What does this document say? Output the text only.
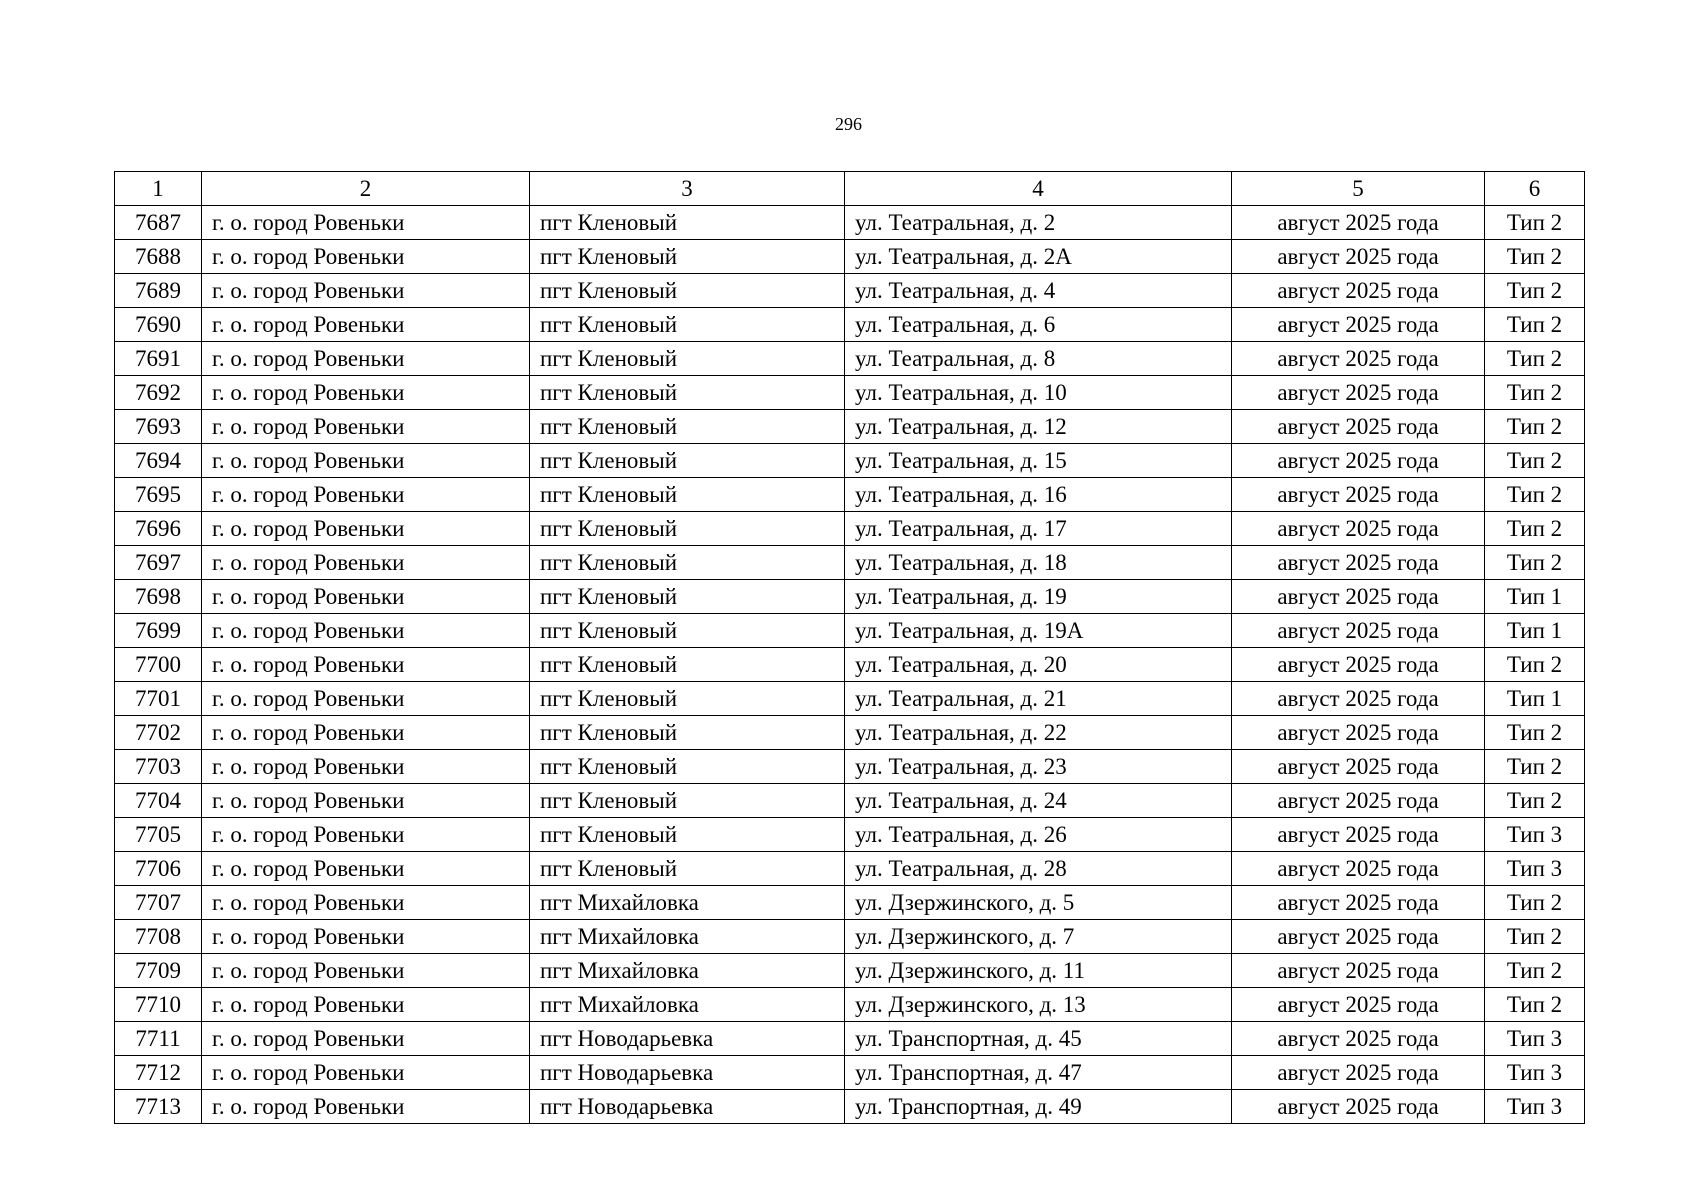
296
1	2	3	4	5	6
7687	г. о. город Ровеньки	пгт Кленовый	ул. Театральная, д. 2	август 2025 года	Тип 2
7688	г. о. город Ровеньки	пгт Кленовый	ул. Театральная, д. 2А	август 2025 года	Тип 2
7689	г. о. город Ровеньки	пгт Кленовый	ул. Театральная, д. 4	август 2025 года	Тип 2
7690	г. о. город Ровеньки	пгт Кленовый	ул. Театральная, д. 6	август 2025 года	Тип 2
7691	г. о. город Ровеньки	пгт Кленовый	ул. Театральная, д. 8	август 2025 года	Тип 2
7692	г. о. город Ровеньки	пгт Кленовый	ул. Театральная, д. 10	август 2025 года	Тип 2
7693	г. о. город Ровеньки	пгт Кленовый	ул. Театральная, д. 12	август 2025 года	Тип 2
7694	г. о. город Ровеньки	пгт Кленовый	ул. Театральная, д. 15	август 2025 года	Тип 2
7695	г. о. город Ровеньки	пгт Кленовый	ул. Театральная, д. 16	август 2025 года	Тип 2
7696	г. о. город Ровеньки	пгт Кленовый	ул. Театральная, д. 17	август 2025 года	Тип 2
7697	г. о. город Ровеньки	пгт Кленовый	ул. Театральная, д. 18	август 2025 года	Тип 2
7698	г. о. город Ровеньки	пгт Кленовый	ул. Театральная, д. 19	август 2025 года	Тип 1
7699	г. о. город Ровеньки	пгт Кленовый	ул. Театральная, д. 19А	август 2025 года	Тип 1
7700	г. о. город Ровеньки	пгт Кленовый	ул. Театральная, д. 20	август 2025 года	Тип 2
7701	г. о. город Ровеньки	пгт Кленовый	ул. Театральная, д. 21	август 2025 года	Тип 1
7702	г. о. город Ровеньки	пгт Кленовый	ул. Театральная, д. 22	август 2025 года	Тип 2
7703	г. о. город Ровеньки	пгт Кленовый	ул. Театральная, д. 23	август 2025 года	Тип 2
7704	г. о. город Ровеньки	пгт Кленовый	ул. Театральная, д. 24	август 2025 года	Тип 2
7705	г. о. город Ровеньки	пгт Кленовый	ул. Театральная, д. 26	август 2025 года	Тип 3
7706	г. о. город Ровеньки	пгт Кленовый	ул. Театральная, д. 28	август 2025 года	Тип 3
7707	г. о. город Ровеньки	пгт Михайловка	ул. Дзержинского, д. 5	август 2025 года	Тип 2
7708	г. о. город Ровеньки	пгт Михайловка	ул. Дзержинского, д. 7	август 2025 года	Тип 2
7709	г. о. город Ровеньки	пгт Михайловка	ул. Дзержинского, д. 11	август 2025 года	Тип 2
7710	г. о. город Ровеньки	пгт Михайловка	ул. Дзержинского, д. 13	август 2025 года	Тип 2
7711	г. о. город Ровеньки	пгт Новодарьевка	ул. Транспортная, д. 45	август 2025 года	Тип 3
7712	г. о. город Ровеньки	пгт Новодарьевка	ул. Транспортная, д. 47	август 2025 года	Тип 3
7713	г. о. город Ровеньки	пгт Новодарьевка	ул. Транспортная, д. 49	август 2025 года	Тип 3
